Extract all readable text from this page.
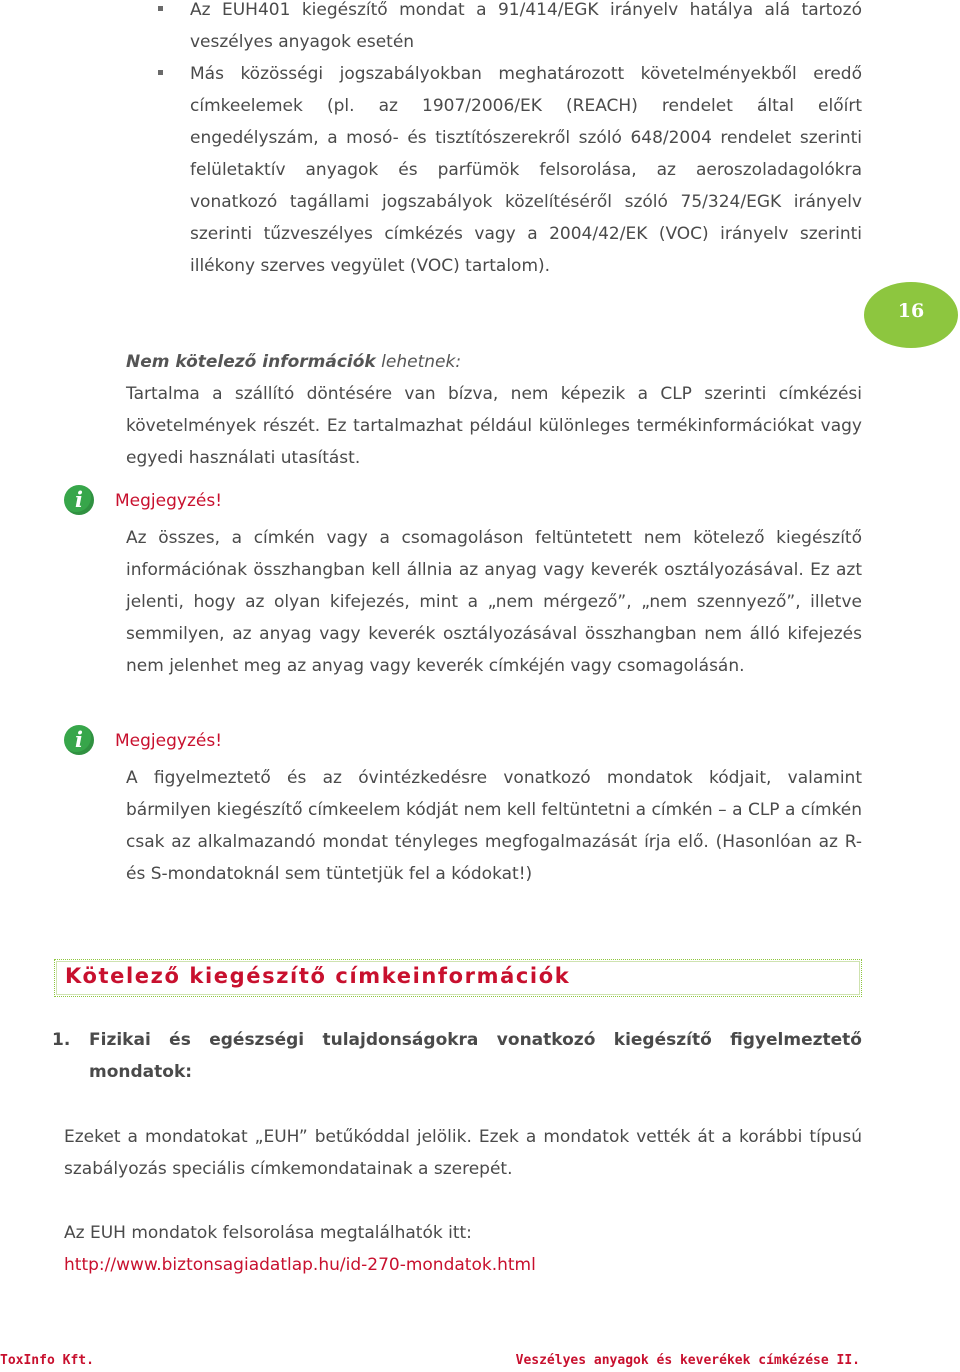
Az EUH401 kiegészítő mondat a 91/414/EGK irányelv hatálya alá tartozó veszélyes anyagok esetén

Más közösségi jogszabályokban meghatározott követelményekből eredő címkeelemek (pl. az 1907/2006/EK (REACH) rendelet által előírt engedélyszám, a mosó- és tisztítószerekről szóló 648/2004 rendelet szerinti felületaktív anyagok és parfümök felsorolása, az aeroszoladagolókra vonatkozó tagállami jogszabályok közelítéséről szóló 75/324/EGK irányelv szerinti tűzveszélyes címkézés vagy a 2004/42/EK (VOC) irányelv szerinti illékony szerves vegyület (VOC) tartalom).

16

Nem kötelező információk lehetnek:

Tartalma a szállító döntésére van bízva, nem képezik a CLP szerinti címkézési követelmények részét. Ez tartalmazhat például különleges termékinformációkat vagy egyedi használati utasítást.

i	Megjegyzés!

Az összes, a címkén vagy a csomagoláson feltüntetett nem kötelező kiegészítő információnak összhangban kell állnia az anyag vagy keverék osztályozásával. Ez azt jelenti, hogy az olyan kifejezés, mint a „nem mérgező”, „nem szennyező”, illetve semmilyen, az anyag vagy keverék osztályozásával összhangban nem álló kifejezés nem jelenhet meg az anyag vagy keverék címkéjén vagy csomagolásán.

i	Megjegyzés!

A figyelmeztető és az óvintézkedésre vonatkozó mondatok kódjait, valamint bármilyen kiegészítő címkeelem kódját nem kell feltüntetni a címkén – a CLP a címkén csak az alkalmazandó mondat tényleges megfogalmazását írja elő. (Hasonlóan az R- és S-mondatoknál sem tüntetjük fel a kódokat!)

Kötelező kiegészítő címkeinformációk
1. Fizikai és egészségi tulajdonságokra vonatkozó kiegészítő figyelmeztető mondatok:

Ezeket a mondatokat „EUH” betűkóddal jelölik. Ezek a mondatok vették át a korábbi típusú szabályozás speciális címkemondatainak a szerepét.

Az EUH mondatok felsorolása megtalálhatók itt:

http://www.biztonsagiadatlap.hu/id-270-mondatok.html

ToxInfo Kft.	Veszélyes anyagok és keverékek címkézése II.
